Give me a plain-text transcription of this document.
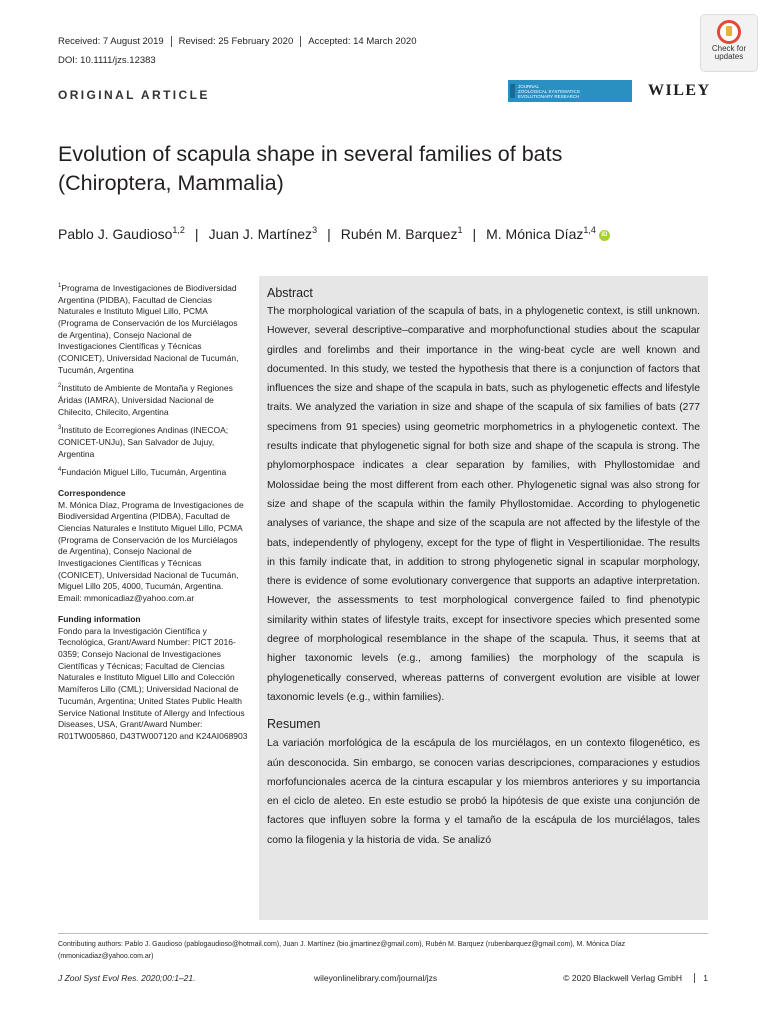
Received: 7 August 2019	Revised: 25 February 2020	Accepted: 14 March 2020
DOI: 10.1111/jzs.12383
Check for
updates
ORIGINAL ARTICLE
JOURNAL
ZOOLOGICAL SYSTEMATICS
EVOLUTIONARY RESEARCH	WILEY
Evolution of scapula shape in several families of bats
(Chiroptera, Mammalia)
Pablo J. Gaudioso$^{1,2}$ | Juan J. Martínez$^3$ | Rubén M. Barquez$^1$ | M. Mónica Díaz$^{1,4}$ iD

$^1$Programa de Investigaciones de Biodiversidad Argentina (PIDBA), Facultad de Ciencias Naturales e Instituto Miguel Lillo, PCMA (Programa de Conservación de los Murciélagos de Argentina), Consejo Nacional de Investigaciones Científicas y Técnicas (CONICET), Universidad Nacional de Tucumán, Tucumán, Argentina

$^2$Instituto de Ambiente de Montaña y Regiones Áridas (IAMRA), Universidad Nacional de Chilecito, Chilecito, Argentina

$^3$Instituto de Ecorregiones Andinas (INECOA; CONICET-UNJu), San Salvador de Jujuy, Argentina

$^4$Fundación Miguel Lillo, Tucumán, Argentina

Correspondence
M. Mónica Díaz, Programa de Investigaciones de Biodiversidad Argentina (PIDBA), Facultad de Ciencias Naturales e Instituto Miguel Lillo, PCMA (Programa de Conservación de los Murciélagos de Argentina), Consejo Nacional de Investigaciones Científicas y Técnicas (CONICET), Universidad Nacional de Tucumán, Miguel Lillo 205, 4000, Tucumán, Argentina.
Email: mmonicadiaz@yahoo.com.ar
Funding information
Fondo para la Investigación Científica y Tecnológica, Grant/Award Number: PICT 2016-0359; Consejo Nacional de Investigaciones Científicas y Técnicas; Facultad de Ciencias Naturales e Instituto Miguel Lillo and Colección Mamíferos Lillo (CML); Universidad Nacional de Tucumán, Argentina; United States Public Health Service National Institute of Allergy and Infectious Diseases, USA, Grant/Award Number: R01TW005860, D43TW007120 and K24AI068903
Abstract

The morphological variation of the scapula of bats, in a phylogenetic context, is still unknown. However, several descriptive–comparative and morphofunctional studies about the scapular girdles and forelimbs and their importance in the wing-beat cycle are well known and documented. In this study, we tested the hypothesis that there is a conjunction of factors that influences the size and shape of the scapula in bats, such as phylogenetic effects and lifestyle traits. We analyzed the variation in size and shape of the scapula of six families of bats (277 specimens from 91 species) using geometric morphometrics in a phylogenetic context. The results indicate that phylogenetic signal for both size and shape of the scapula is strong. The phylomorphospace indicates a clear separation by families, with Phyllostomidae and Molossidae being the most different from each other. Phylogenetic signal was also strong for size and shape of the scapula within the family Phyllostomidae. According to phylogenetic analyses of variance, the shape and size of the scapula are not affected by the lifestyle of the bats, independently of phylogeny, except for the type of flight in Vespertilionidae. The results in this family indicate that, in addition to strong phylogenetic signal in scapular morphology, there is evidence of some evolutionary convergence that supports an adaptive interpretation. However, the assessments to test morphological convergence failed to find phenotypic similarity within states of lifestyle traits, except for insectivore species which presented some degree of morphological resemblance in the shape of the scapula. Thus, it seems that at higher taxonomic levels (e.g., among families) the morphology of the scapula is phylogenetically conserved, whereas patterns of convergent evolution are visible at lower taxonomic levels (e.g., within families).

Resumen

La variación morfológica de la escápula de los murciélagos, en un contexto filogenético, es aún desconocida. Sin embargo, se conocen varias descripciones, comparaciones y estudios morfofuncionales acerca de la cintura escapular y los miembros anteriores y su importancia en el ciclo de aleteo. En este estudio se probó la hipótesis de que existe una conjunción de factores que influyen sobre la forma y el tamaño de la escápula de los murciélagos, tales como la filogenia y la historia de vida. Se analizó

Contributing authors: Pablo J. Gaudioso (pablogaudioso@hotmail.com), Juan J. Martínez (bio.jjmartinez@gmail.com), Rubén M. Barquez (rubenbarquez@gmail.com), M. Mónica Díaz (mmonicadiaz@yahoo.com.ar)
J Zool Syst Evol Res. 2020;00:1–21.	wileyonlinelibrary.com/journal/jzs	© 2020 Blackwell Verlag GmbH	1
